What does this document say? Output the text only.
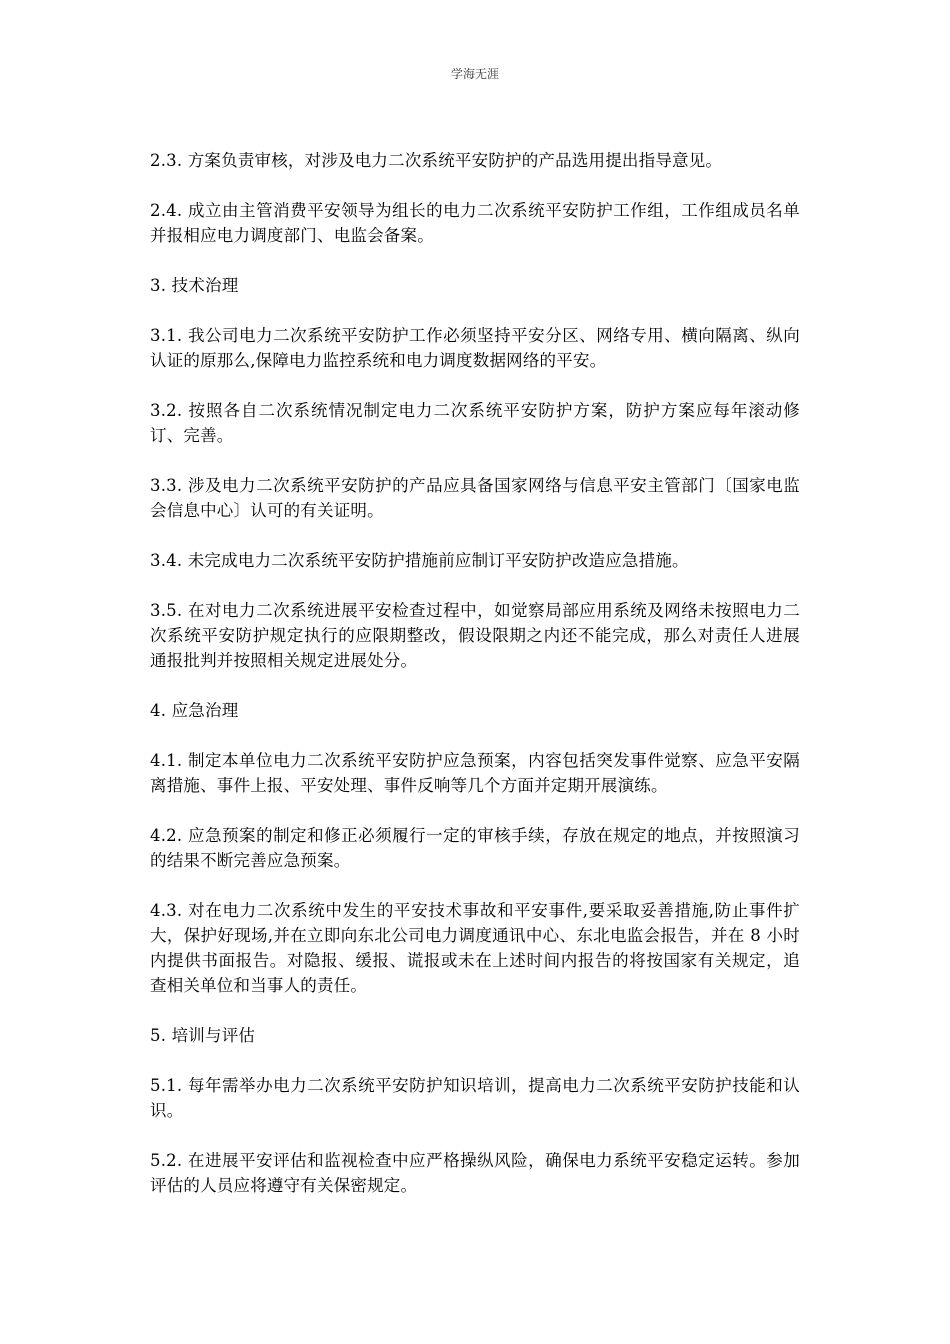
学海无涯

2.3. 方案负责审核，对涉及电力二次系统平安防护的产品选用提出指导意见。

2.4. 成立由主管消费平安领导为组长的电力二次系统平安防护工作组，工作组成员名单并报相应电力调度部门、电监会备案。

3. 技术治理

3.1. 我公司电力二次系统平安防护工作必须坚持平安分区、网络专用、横向隔离、纵向认证的原那么,保障电力监控系统和电力调度数据网络的平安。

3.2. 按照各自二次系统情况制定电力二次系统平安防护方案，防护方案应每年滚动修订、完善。

3.3. 涉及电力二次系统平安防护的产品应具备国家网络与信息平安主管部门〔国家电监会信息中心〕认可的有关证明。

3.4. 未完成电力二次系统平安防护措施前应制订平安防护改造应急措施。

3.5. 在对电力二次系统进展平安检查过程中，如觉察局部应用系统及网络未按照电力二次系统平安防护规定执行的应限期整改，假设限期之内还不能完成，那么对责任人进展通报批判并按照相关规定进展处分。

4. 应急治理

4.1. 制定本单位电力二次系统平安防护应急预案，内容包括突发事件觉察、应急平安隔离措施、事件上报、平安处理、事件反响等几个方面并定期开展演练。

4.2. 应急预案的制定和修正必须履行一定的审核手续，存放在规定的地点，并按照演习的结果不断完善应急预案。

4.3. 对在电力二次系统中发生的平安技术事故和平安事件,要采取妥善措施,防止事件扩大，保护好现场,并在立即向东北公司电力调度通讯中心、东北电监会报告，并在 8 小时内提供书面报告。对隐报、缓报、谎报或未在上述时间内报告的将按国家有关规定，追查相关单位和当事人的责任。

5. 培训与评估

5.1. 每年需举办电力二次系统平安防护知识培训，提高电力二次系统平安防护技能和认识。

5.2. 在进展平安评估和监视检查中应严格操纵风险，确保电力系统平安稳定运转。参加评估的人员应将遵守有关保密规定。
